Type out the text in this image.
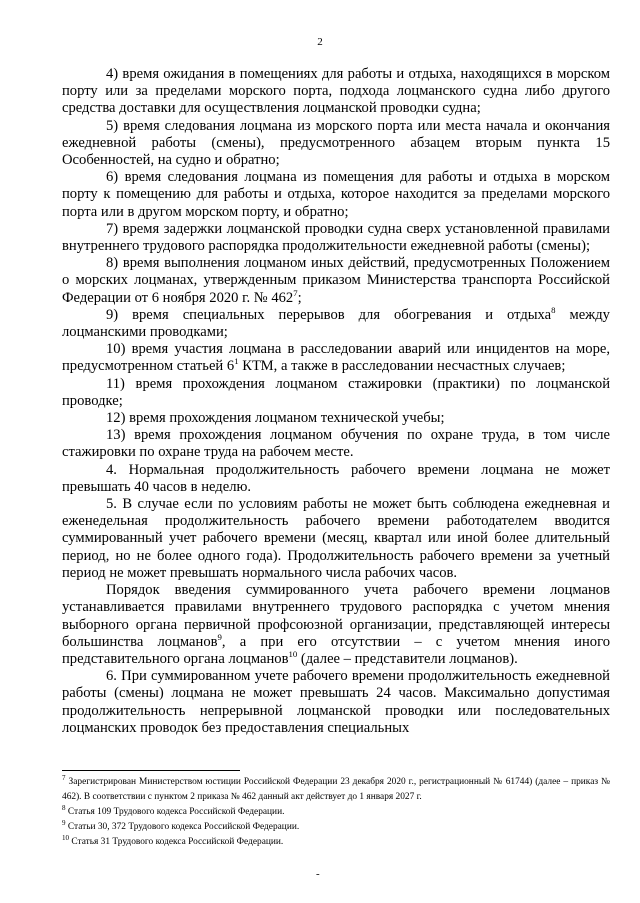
2

4) время ожидания в помещениях для работы и отдыха, находящихся в морском порту или за пределами морского порта, подхода лоцманского судна либо другого средства доставки для осуществления лоцманской проводки судна;

5) время следования лоцмана из морского порта или места начала и окончания ежедневной работы (смены), предусмотренного абзацем вторым пункта 15 Особенностей, на судно и обратно;

6) время следования лоцмана из помещения для работы и отдыха в морском порту к помещению для работы и отдыха, которое находится за пределами морского порта или в другом морском порту, и обратно;

7) время задержки лоцманской проводки судна сверх установленной правилами внутреннего трудового распорядка продолжительности ежедневной работы (смены);

8) время выполнения лоцманом иных действий, предусмотренных Положением о морских лоцманах, утвержденным приказом Министерства транспорта Российской Федерации от 6 ноября 2020 г. № $462^7$;

9) время специальных перерывов для обогревания и отдыха$^8$ между лоцманскими проводками;

10) время участия лоцмана в расследовании аварий или инцидентов на море, предусмотренном статьей $6^1$ КТМ, а также в расследовании несчастных случаев;

11) время прохождения лоцманом стажировки (практики) по лоцманской проводке;

12) время прохождения лоцманом технической учебы;

13) время прохождения лоцманом обучения по охране труда, в том числе стажировки по охране труда на рабочем месте.

4. Нормальная продолжительность рабочего времени лоцмана не может превышать 40 часов в неделю.

5. В случае если по условиям работы не может быть соблюдена ежедневная и еженедельная продолжительность рабочего времени работодателем вводится суммированный учет рабочего времени (месяц, квартал или иной более длительный период, но не более одного года). Продолжительность рабочего времени за учетный период не может превышать нормального числа рабочих часов.

Порядок введения суммированного учета рабочего времени лоцманов устанавливается правилами внутреннего трудового распорядка с учетом мнения выборного органа первичной профсоюзной организации, представляющей интересы большинства лоцманов$^9$, а при его отсутствии – с учетом мнения иного представительного органа лоцманов$^{10}$ (далее – представители лоцманов).

6. При суммированном учете рабочего времени продолжительность ежедневной работы (смены) лоцмана не может превышать 24 часов. Максимально допустимая продолжительность непрерывной лоцманской проводки или последовательных лоцманских проводок без предоставления специальных

$^7$ Зарегистрирован Министерством юстиции Российской Федерации 23 декабря 2020 г., регистрационный № 61744) (далее – приказ № 462). В соответствии с пунктом 2 приказа № 462 данный акт действует до 1 января 2027 г.

$^8$ Статья 109 Трудового кодекса Российской Федерации.

$^9$ Статьи 30, 372 Трудового кодекса Российской Федерации.

$^{10}$ Статья 31 Трудового кодекса Российской Федерации.

-
